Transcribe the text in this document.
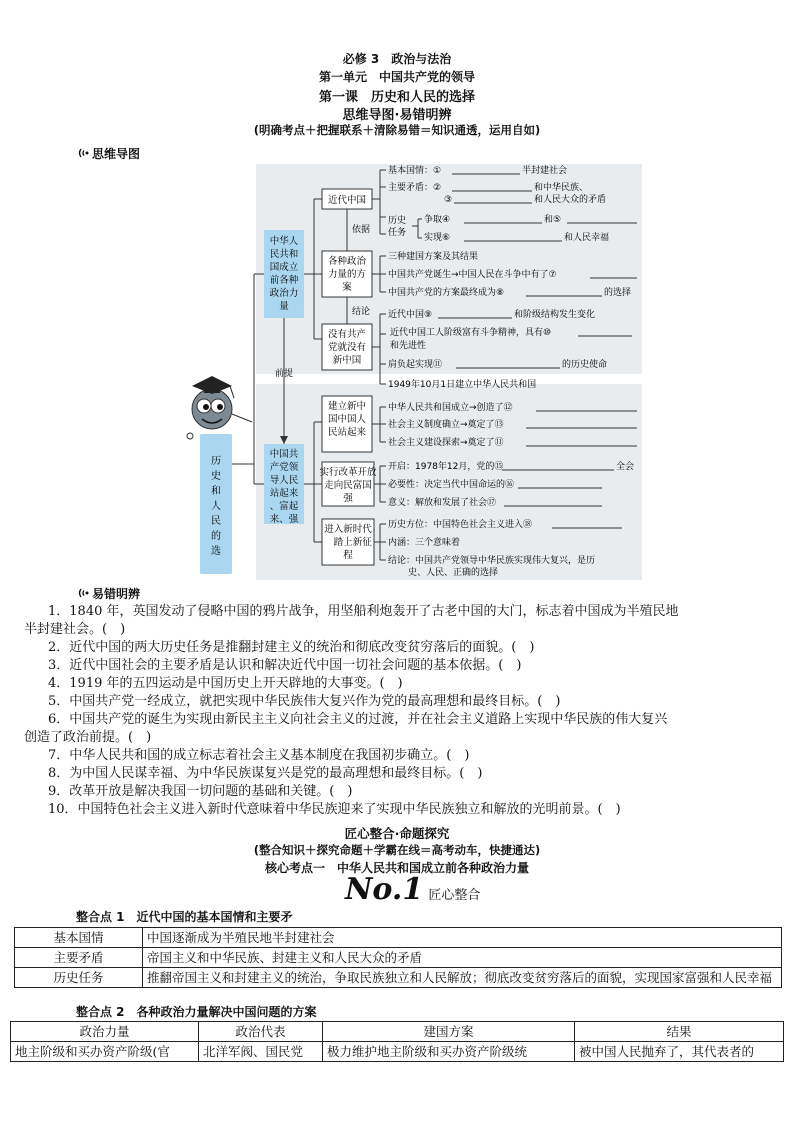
必修 3　政治与法治
第一单元　中国共产党的领导
第一课　历史和人民的选择
思维导图·易错明辨
(明确考点＋把握联系＋清除易错＝知识通透，运用自如)
思维导图
历
史
和
人
民
的
选
中华人
民共和
国成立
前各种
政治力
量
中国共
产党领
导人民
站起来
、富起
来、强
前提
近代中国
各种政治
力量的方
案
没有共产
党就没有
新中国
建立新中
国中国人
民站起来
实行改革开放
走向民富国
强
进入新时代
　踏上新征
程
依据
结论
基本国情：①	半封建社会
主要矛盾：②	和中华民族、
③	和人民大众的矛盾
历史
任务
争取④	和⑤
实现⑥	和人民幸福
三种建国方案及其结果
中国共产党诞生→中国人民在斗争中有了⑦
中国共产党的方案最终成为⑧	的选择
近代中国⑨	和阶级结构发生变化
近代中国工人阶级富有斗争精神，具有⑩
和先进性
肩负起实现⑪	的历史使命
1949年10月1日建立中华人民共和国
中华人民共和国成立→创造了⑫
社会主义制度确立→奠定了⑬
社会主义建设探索→奠定了⑪
开启：1978年12月，党的⑮	全会
必要性：决定当代中国命运的⑯
意义：解放和发展了社会⑰
历史方位：中国特色社会主义进入⑱
内涵：三个意味着
结论：中国共产党领导中华民族实现伟大复兴，是历
史、人民、正确的选择
易错明辨
1．1840 年，英国发动了侵略中国的鸦片战争，用坚船利炮轰开了古老中国的大门，标志着中国成为半殖民地
半封建社会。(　)
2．近代中国的两大历史任务是推翻封建主义的统治和彻底改变贫穷落后的面貌。(　)
3．近代中国社会的主要矛盾是认识和解决近代中国一切社会问题的基本依据。(　)
4．1919 年的五四运动是中国历史上开天辟地的大事变。(　)
5．中国共产党一经成立，就把实现中华民族伟大复兴作为党的最高理想和最终目标。(　)
6．中国共产党的诞生为实现由新民主主义向社会主义的过渡，并在社会主义道路上实现中华民族的伟大复兴
创造了政治前提。(　)
7．中华人民共和国的成立标志着社会主义基本制度在我国初步确立。(　)
8．为中国人民谋幸福、为中华民族谋复兴是党的最高理想和最终目标。(　)
9．改革开放是解决我国一切问题的基础和关键。(　)
10．中国特色社会主义进入新时代意味着中华民族迎来了实现中华民族独立和解放的光明前景。(　)
匠心整合·命题探究
(整合知识＋探究命题＋学霸在线＝高考动车，快捷通达)
核心考点一　中华人民共和国成立前各种政治力量
No.1 匠心整合
整合点 1　近代中国的基本国情和主要矛
基本国情	中国逐渐成为半殖民地半封建社会
主要矛盾	帝国主义和中华民族、封建主义和人民大众的矛盾
历史任务	推翻帝国主义和封建主义的统治，争取民族独立和人民解放；彻底改变贫穷落后的面貌，实现国家富强和人民幸福
整合点 2　各种政治力量解决中国问题的方案
政治力量	政治代表	建国方案	结果
地主阶级和买办资产阶级(官	北洋军阀、国民党	极力维护地主阶级和买办资产阶级统	被中国人民抛弃了，其代表者的
